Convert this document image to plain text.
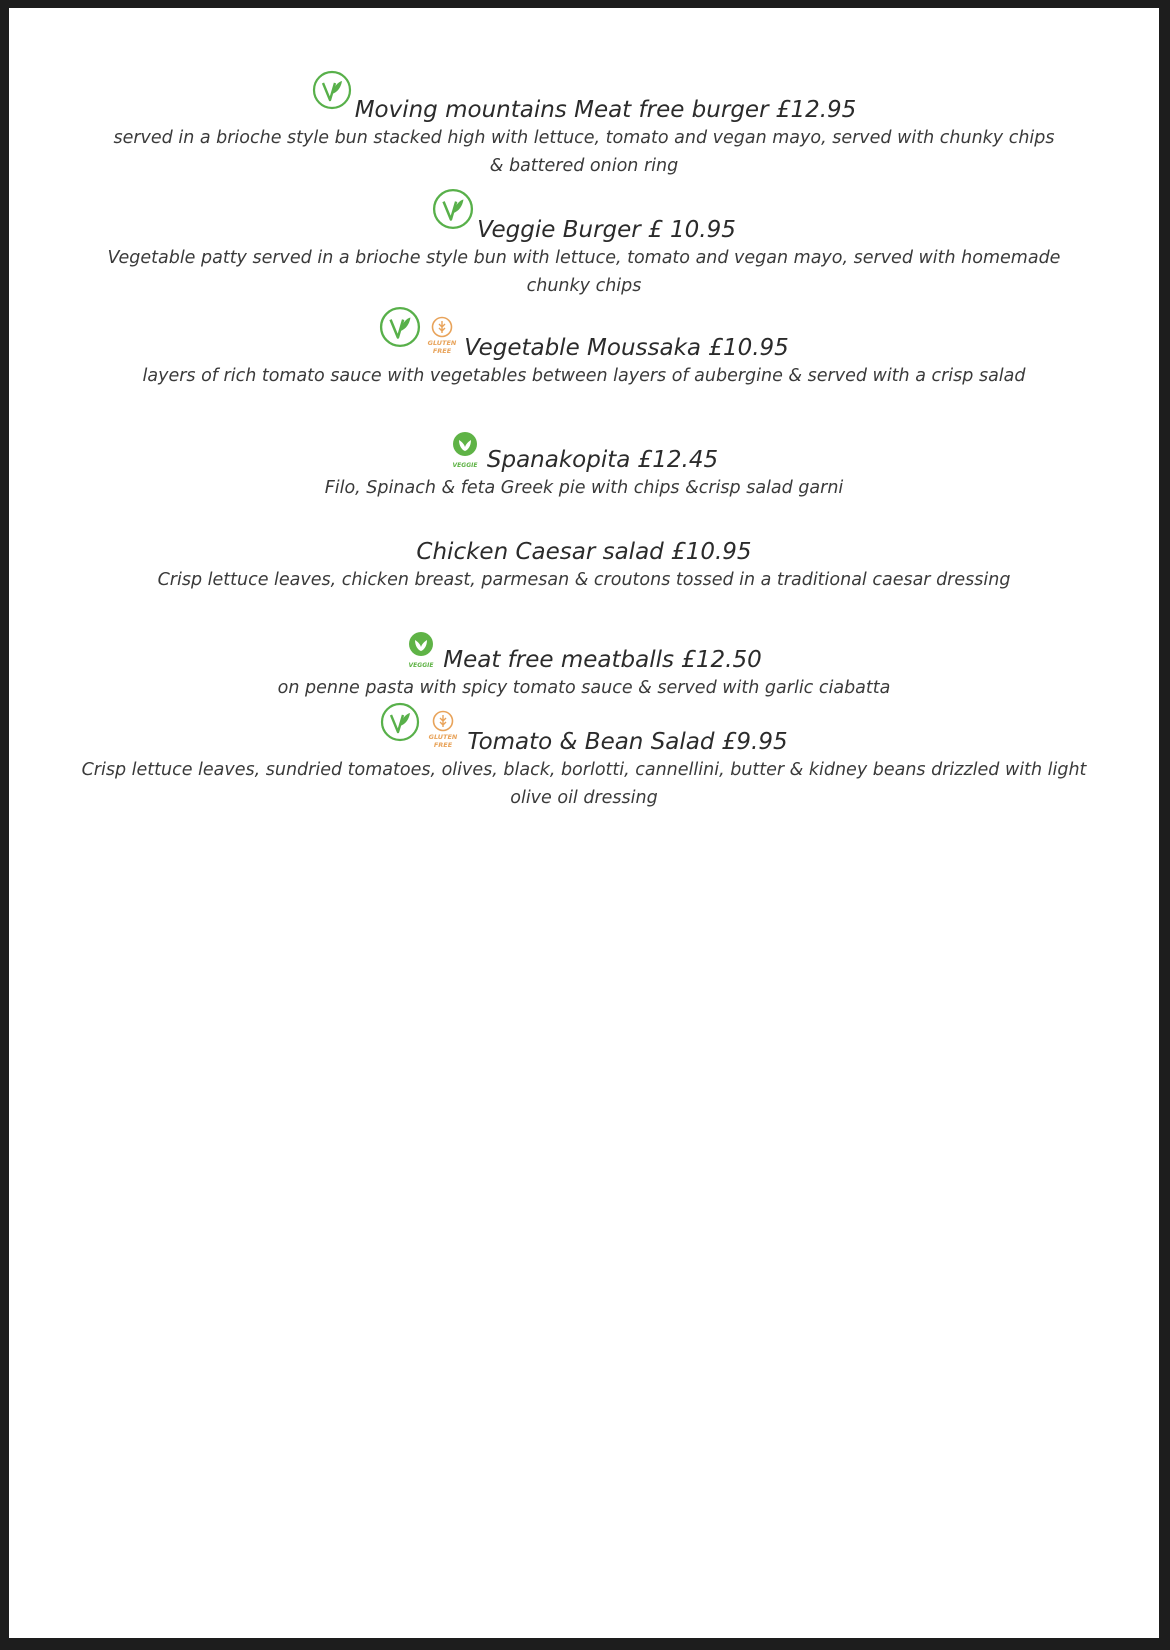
Moving mountains Meat free burger £12.95

served in a brioche style bun stacked high with lettuce, tomato and vegan mayo, served with chunky chips & battered onion ring

Veggie Burger £ 10.95

Vegetable patty served in a brioche style bun with lettuce, tomato and vegan mayo, served with homemade chunky chips

GLUTEN
FREE Vegetable Moussaka £10.95

layers of rich tomato sauce with vegetables between layers of aubergine & served with a crisp salad

VEGGIE Spanakopita £12.45

Filo, Spinach & feta Greek pie with chips &crisp salad garni

Chicken Caesar salad £10.95

Crisp lettuce leaves, chicken breast, parmesan & croutons tossed in a traditional caesar dressing

VEGGIE Meat free meatballs £12.50

on penne pasta with spicy tomato sauce & served with garlic ciabatta

GLUTEN
FREE Tomato & Bean Salad £9.95

Crisp lettuce leaves, sundried tomatoes, olives, black, borlotti, cannellini, butter & kidney beans drizzled with light olive oil dressing
